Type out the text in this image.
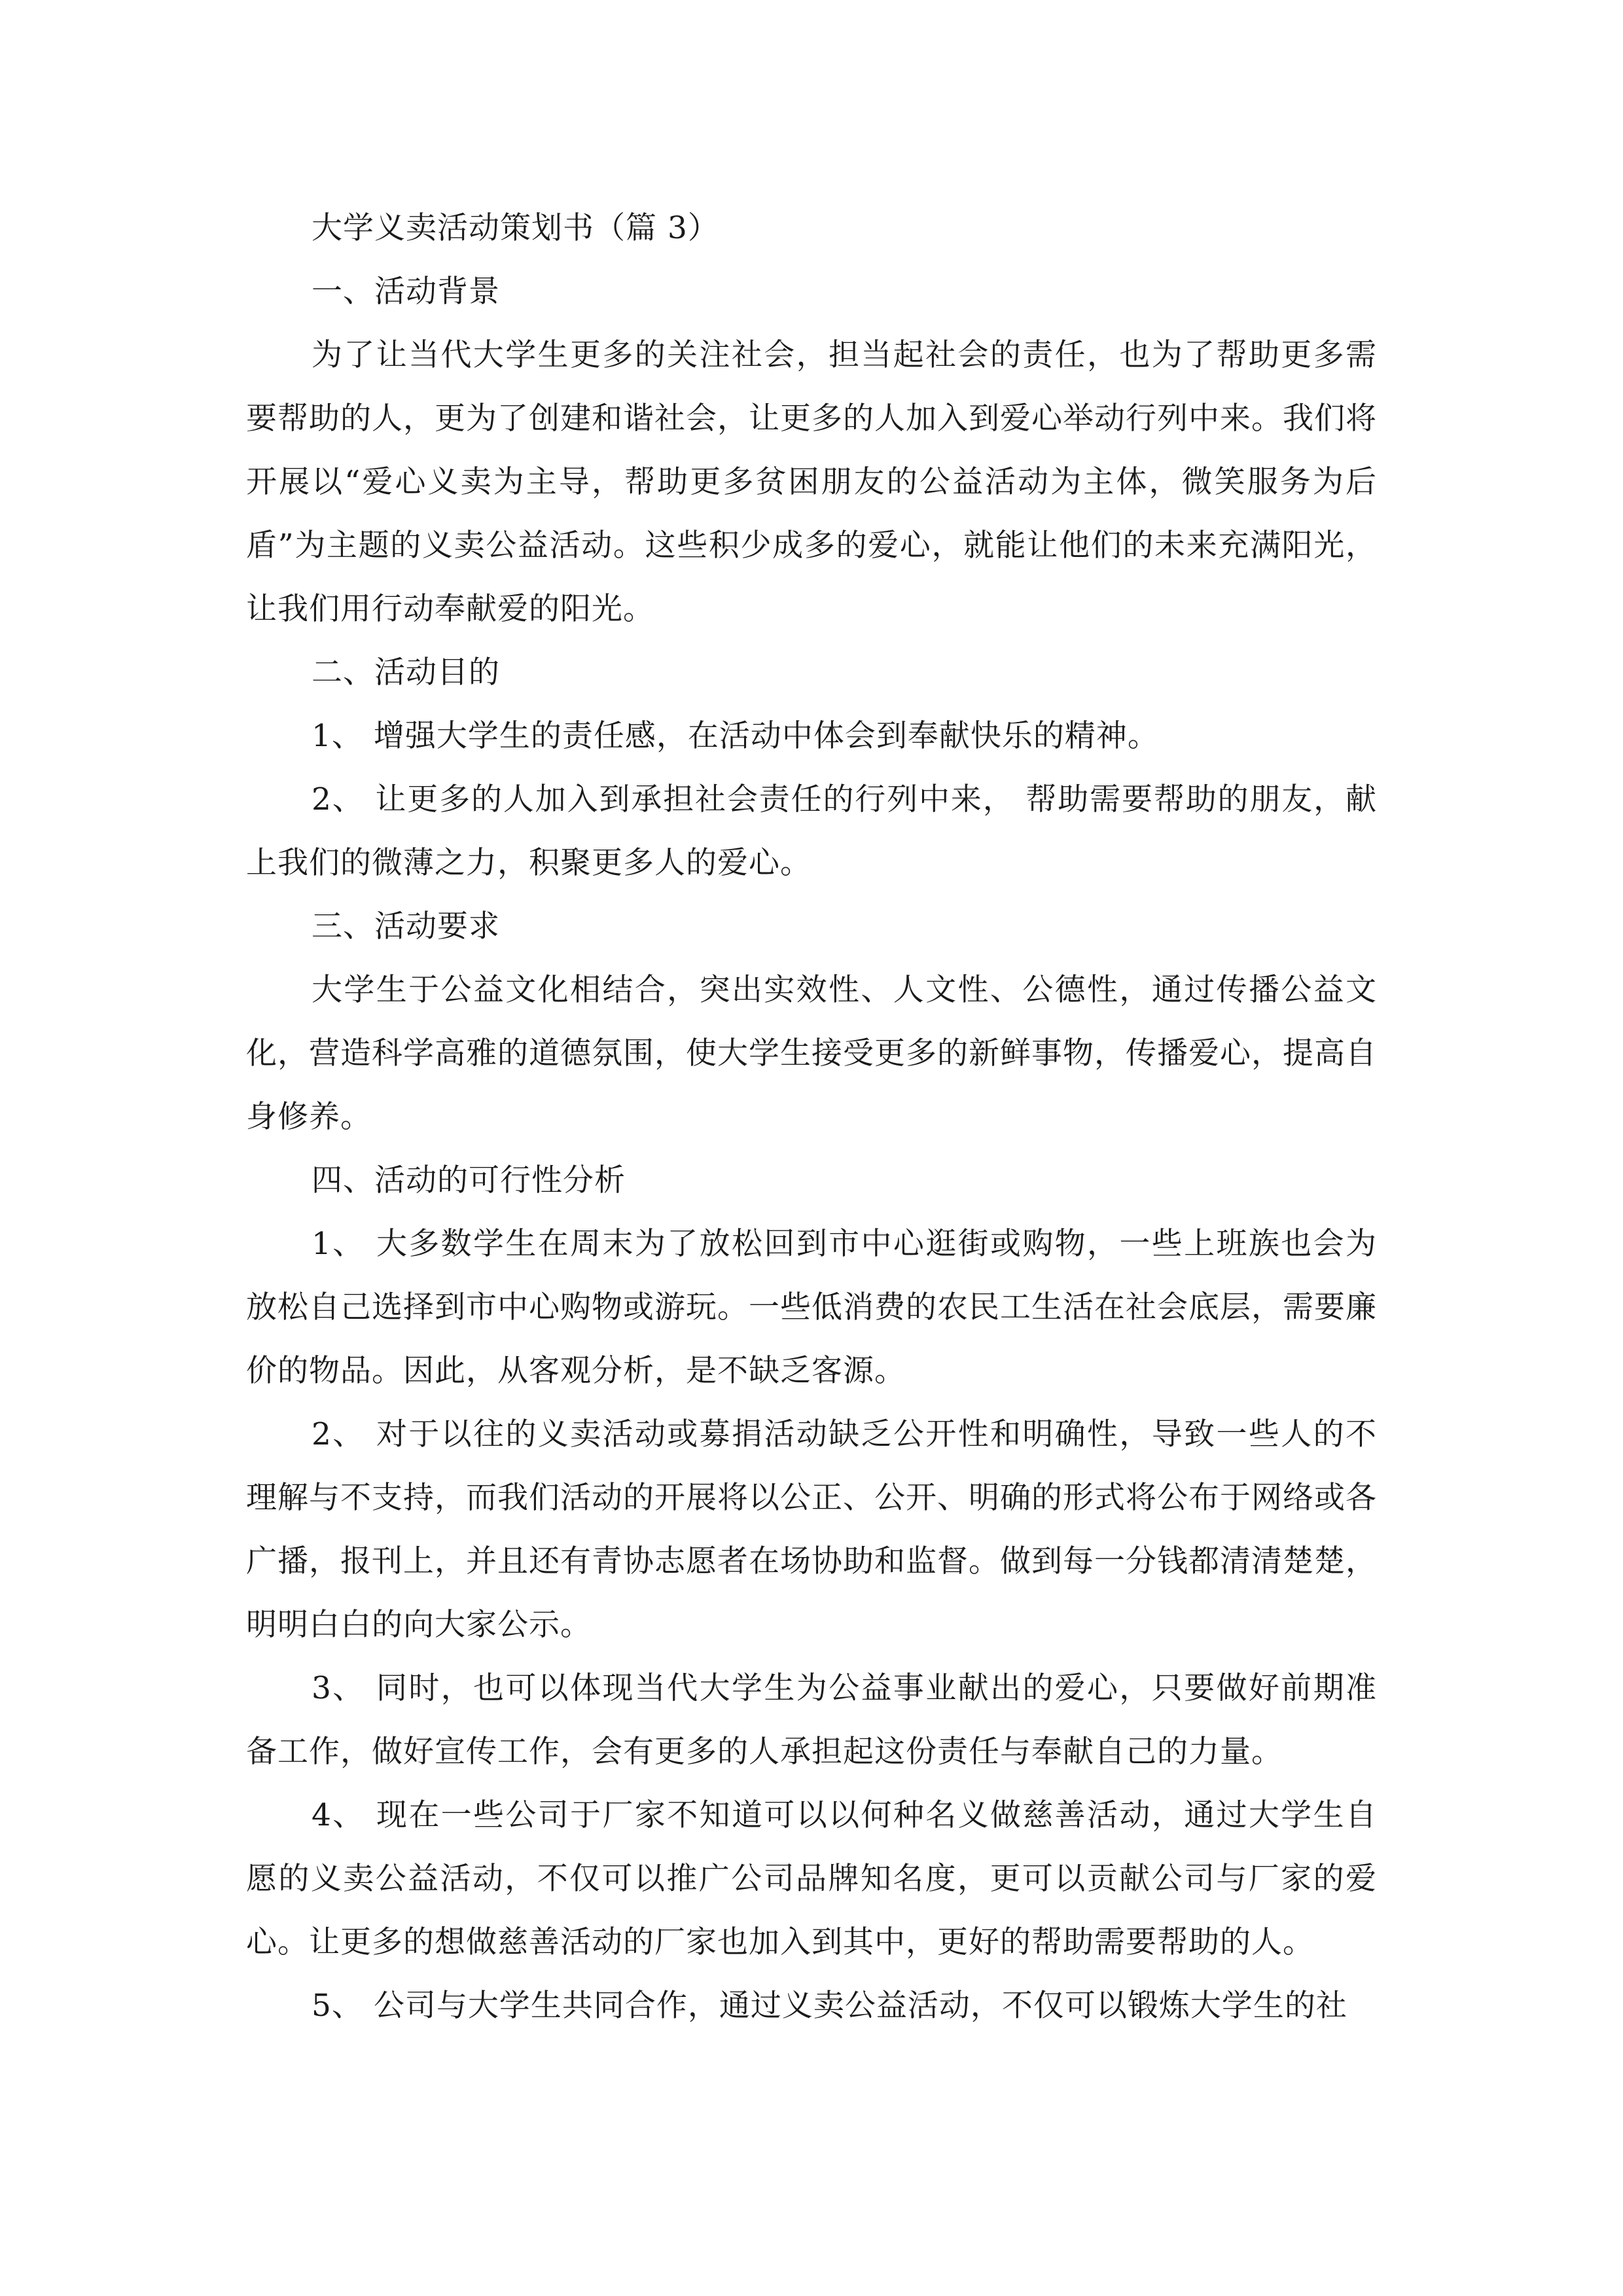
大学义卖活动策划书（篇 3）

一、活动背景

为了让当代大学生更多的关注社会，担当起社会的责任，也为了帮助更多需要帮助的人，更为了创建和谐社会，让更多的人加入到爱心举动行列中来。我们将开展以“爱心义卖为主导，帮助更多贫困朋友的公益活动为主体，微笑服务为后盾”为主题的义卖公益活动。这些积少成多的爱心，就能让他们的未来充满阳光，让我们用行动奉献爱的阳光。

二、活动目的

1、 增强大学生的责任感，在活动中体会到奉献快乐的精神。

2、 让更多的人加入到承担社会责任的行列中来， 帮助需要帮助的朋友，献上我们的微薄之力，积聚更多人的爱心。

三、活动要求

大学生于公益文化相结合，突出实效性、人文性、公德性，通过传播公益文化，营造科学高雅的道德氛围，使大学生接受更多的新鲜事物，传播爱心，提高自身修养。

四、活动的可行性分析

1、 大多数学生在周末为了放松回到市中心逛街或购物，一些上班族也会为放松自己选择到市中心购物或游玩。一些低消费的农民工生活在社会底层，需要廉价的物品。因此，从客观分析，是不缺乏客源。

2、 对于以往的义卖活动或募捐活动缺乏公开性和明确性，导致一些人的不理解与不支持，而我们活动的开展将以公正、公开、明确的形式将公布于网络或各广播，报刊上，并且还有青协志愿者在场协助和监督。做到每一分钱都清清楚楚，明明白白的向大家公示。

3、 同时，也可以体现当代大学生为公益事业献出的爱心，只要做好前期准备工作，做好宣传工作，会有更多的人承担起这份责任与奉献自己的力量。

4、 现在一些公司于厂家不知道可以以何种名义做慈善活动，通过大学生自愿的义卖公益活动，不仅可以推广公司品牌知名度，更可以贡献公司与厂家的爱心。让更多的想做慈善活动的厂家也加入到其中，更好的帮助需要帮助的人。

5、 公司与大学生共同合作，通过义卖公益活动，不仅可以锻炼大学生的社
